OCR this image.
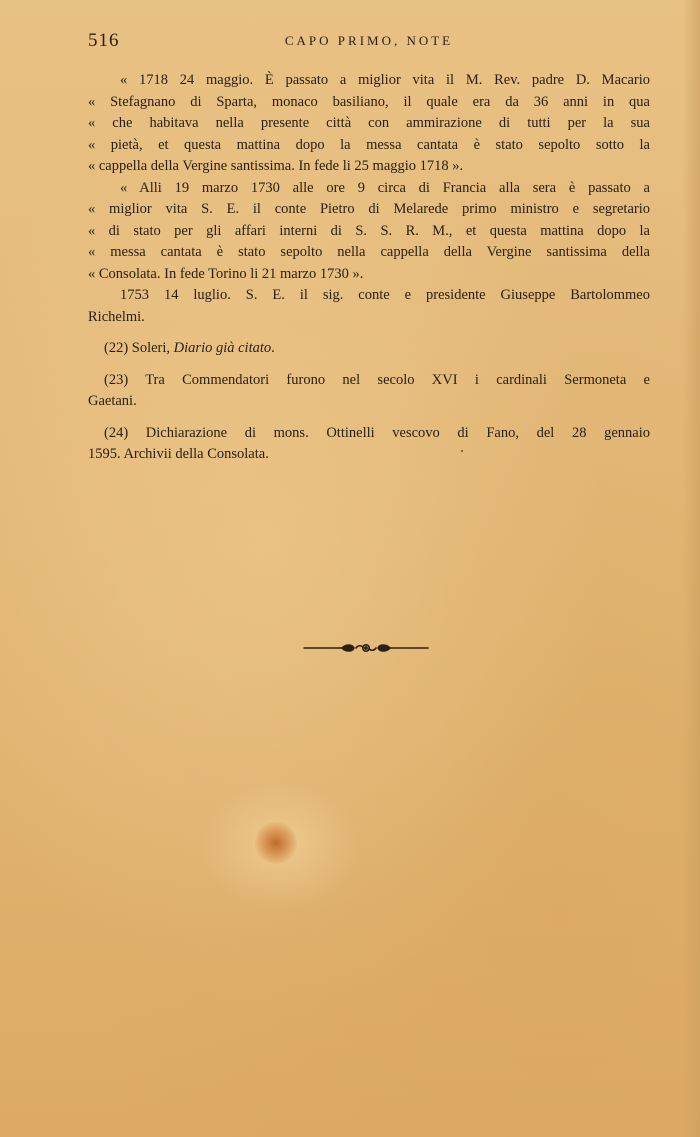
516	CAPO PRIMO, NOTE
« 1718 24 maggio. È passato a miglior vita il M. Rev. padre D. Macario
« Stefagnano di Sparta, monaco basiliano, il quale era da 36 anni in qua
« che habitava nella presente città con ammirazione di tutti per la sua
« pietà, et questa mattina dopo la messa cantata è stato sepolto sotto la
« cappella della Vergine santissima. In fede li 25 maggio 1718 ».
« Alli 19 marzo 1730 alle ore 9 circa di Francia alla sera è passato a
« miglior vita S. E. il conte Pietro di Melarede primo ministro e segretario
« di stato per gli affari interni di S. S. R. M., et questa mattina dopo la
« messa cantata è stato sepolto nella cappella della Vergine santissima della
« Consolata. In fede Torino li 21 marzo 1730 ».
1753 14 luglio. S. E. il sig. conte e presidente Giuseppe Bartolommeo
Richelmi.
(22) Soleri, Diario già citato.
(23) Tra Commendatori furono nel secolo XVI i cardinali Sermoneta e
Gaetani.
(24) Dichiarazione di mons. Ottinelli vescovo di Fano, del 28 gennaio
1595. Archivii della Consolata.
